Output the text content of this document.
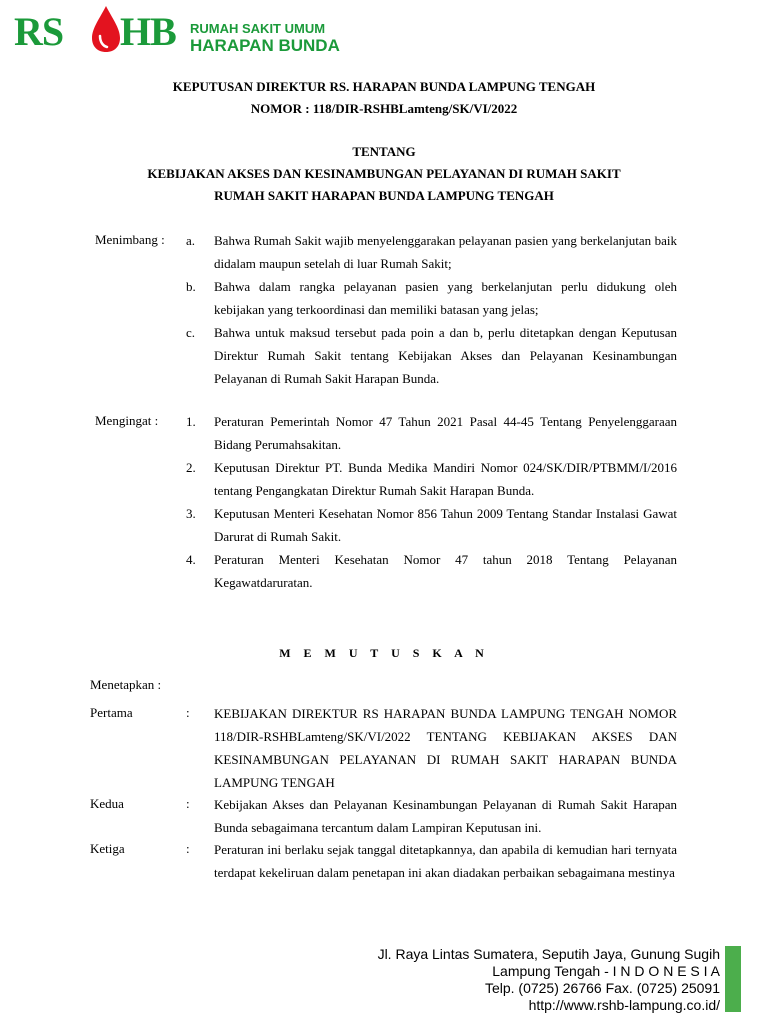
RS HB RUMAH SAKIT UMUM
HARAPAN BUNDA
KEPUTUSAN DIREKTUR RS. HARAPAN BUNDA LAMPUNG TENGAH
NOMOR : 118/DIR-RSHBLamteng/SK/VI/2022
TENTANG
KEBIJAKAN AKSES DAN KESINAMBUNGAN PELAYANAN DI RUMAH SAKIT
RUMAH SAKIT HARAPAN BUNDA LAMPUNG TENGAH
Menimbang : a.	Bahwa Rumah Sakit wajib menyelenggarakan pelayanan pasien yang berkelanjutan baik didalam maupun setelah di luar Rumah Sakit;
b.	Bahwa dalam rangka pelayanan pasien yang berkelanjutan perlu didukung oleh kebijakan yang terkoordinasi dan memiliki batasan yang jelas;
c.	Bahwa untuk maksud tersebut pada poin a dan b, perlu ditetapkan dengan Keputusan Direktur Rumah Sakit tentang Kebijakan Akses dan Pelayanan Kesinambungan Pelayanan di Rumah Sakit Harapan Bunda.
Mengingat : 1.	Peraturan Pemerintah Nomor 47 Tahun 2021 Pasal 44-45 Tentang Penyelenggaraan Bidang Perumahsakitan.
2.	Keputusan Direktur PT. Bunda Medika Mandiri Nomor 024/SK/DIR/PTBMM/I/2016 tentang Pengangkatan Direktur Rumah Sakit Harapan Bunda.
3.	Keputusan Menteri Kesehatan Nomor 856 Tahun 2009 Tentang Standar Instalasi Gawat Darurat di Rumah Sakit.
4.	Peraturan Menteri Kesehatan Nomor 47 tahun 2018 Tentang Pelayanan Kegawatdaruratan.
M E M U T U S K A N
Menetapkan :
Pertama	: KEBIJAKAN DIREKTUR RS HARAPAN BUNDA LAMPUNG TENGAH NOMOR 118/DIR-RSHBLamteng/SK/VI/2022 TENTANG KEBIJAKAN AKSES DAN KESINAMBUNGAN PELAYANAN DI RUMAH SAKIT HARAPAN BUNDA LAMPUNG TENGAH
Kedua	: Kebijakan Akses dan Pelayanan Kesinambungan Pelayanan di Rumah Sakit Harapan Bunda sebagaimana tercantum dalam Lampiran Keputusan ini.
Ketiga	: Peraturan ini berlaku sejak tanggal ditetapkannya, dan apabila di kemudian hari ternyata terdapat kekeliruan dalam penetapan ini akan diadakan perbaikan sebagaimana mestinya
Jl. Raya Lintas Sumatera, Seputih Jaya, Gunung Sugih
Lampung Tengah - I N D O N E S I A
Telp. (0725) 26766 Fax. (0725) 25091
http://www.rshb-lampung.co.id/
